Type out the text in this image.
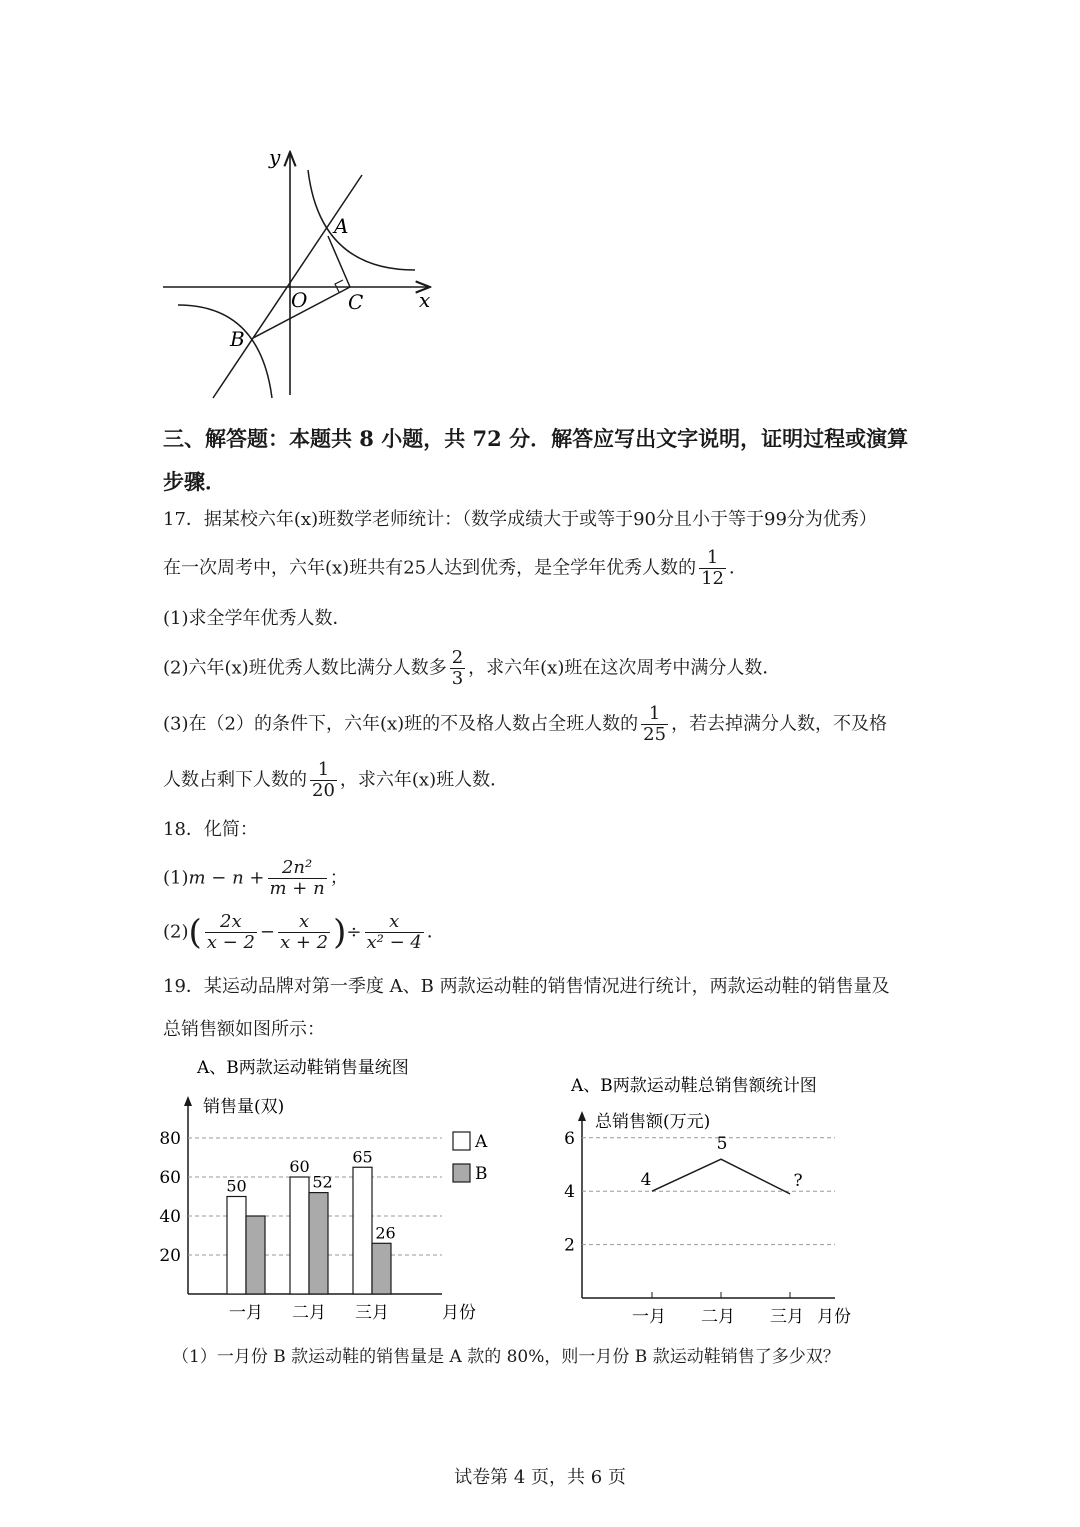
y
x
O
A
B
C
三、解答题：本题共 8 小题，共 72 分．解答应写出文字说明，证明过程或演算
步骤．
17．据某校六年(x)班数学老师统计：（数学成绩大于或等于90分且小于等于99分为优秀）
在一次周考中，六年(x)班共有25人达到优秀，是全学年优秀人数的 $\frac{1}{12}$ ．
(1)求全学年优秀人数．
(2)六年(x)班优秀人数比满分人数多 $\frac{2}{3}$ ，求六年(x)班在这次周考中满分人数．
(3)在（2）的条件下，六年(x)班的不及格人数占全班人数的 $\frac{1}{25}$ ，若去掉满分人数，不及格
人数占剩下人数的 $\frac{1}{20}$ ，求六年(x)班人数．
18．化简：
$(1)m - n + \frac{\text{2n²}}{m + n}$ ；
$(2)( \frac{2x}{x - 2} - \frac{x}{x + 2}$ )÷ $\frac{x}{\text{x² − 4}}$ ．
19．某运动品牌对第一季度 A、B 两款运动鞋的销售情况进行统计，两款运动鞋的销售量及
总销售额如图所示：
A、B两款运动鞋销售量统图
销售量(双)
月份
20
40
60
80
50
一月
60
52
二月
65
26
三月
A
B
A、B两款运动鞋总销售额统计图
总销售额(万元)
月份
2
4
6
一月 二月 三月
4
5
?
（1）一月份 B 款运动鞋的销售量是 A 款的 80%，则一月份 B 款运动鞋销售了多少双？
试卷第 4 页，共 6 页
